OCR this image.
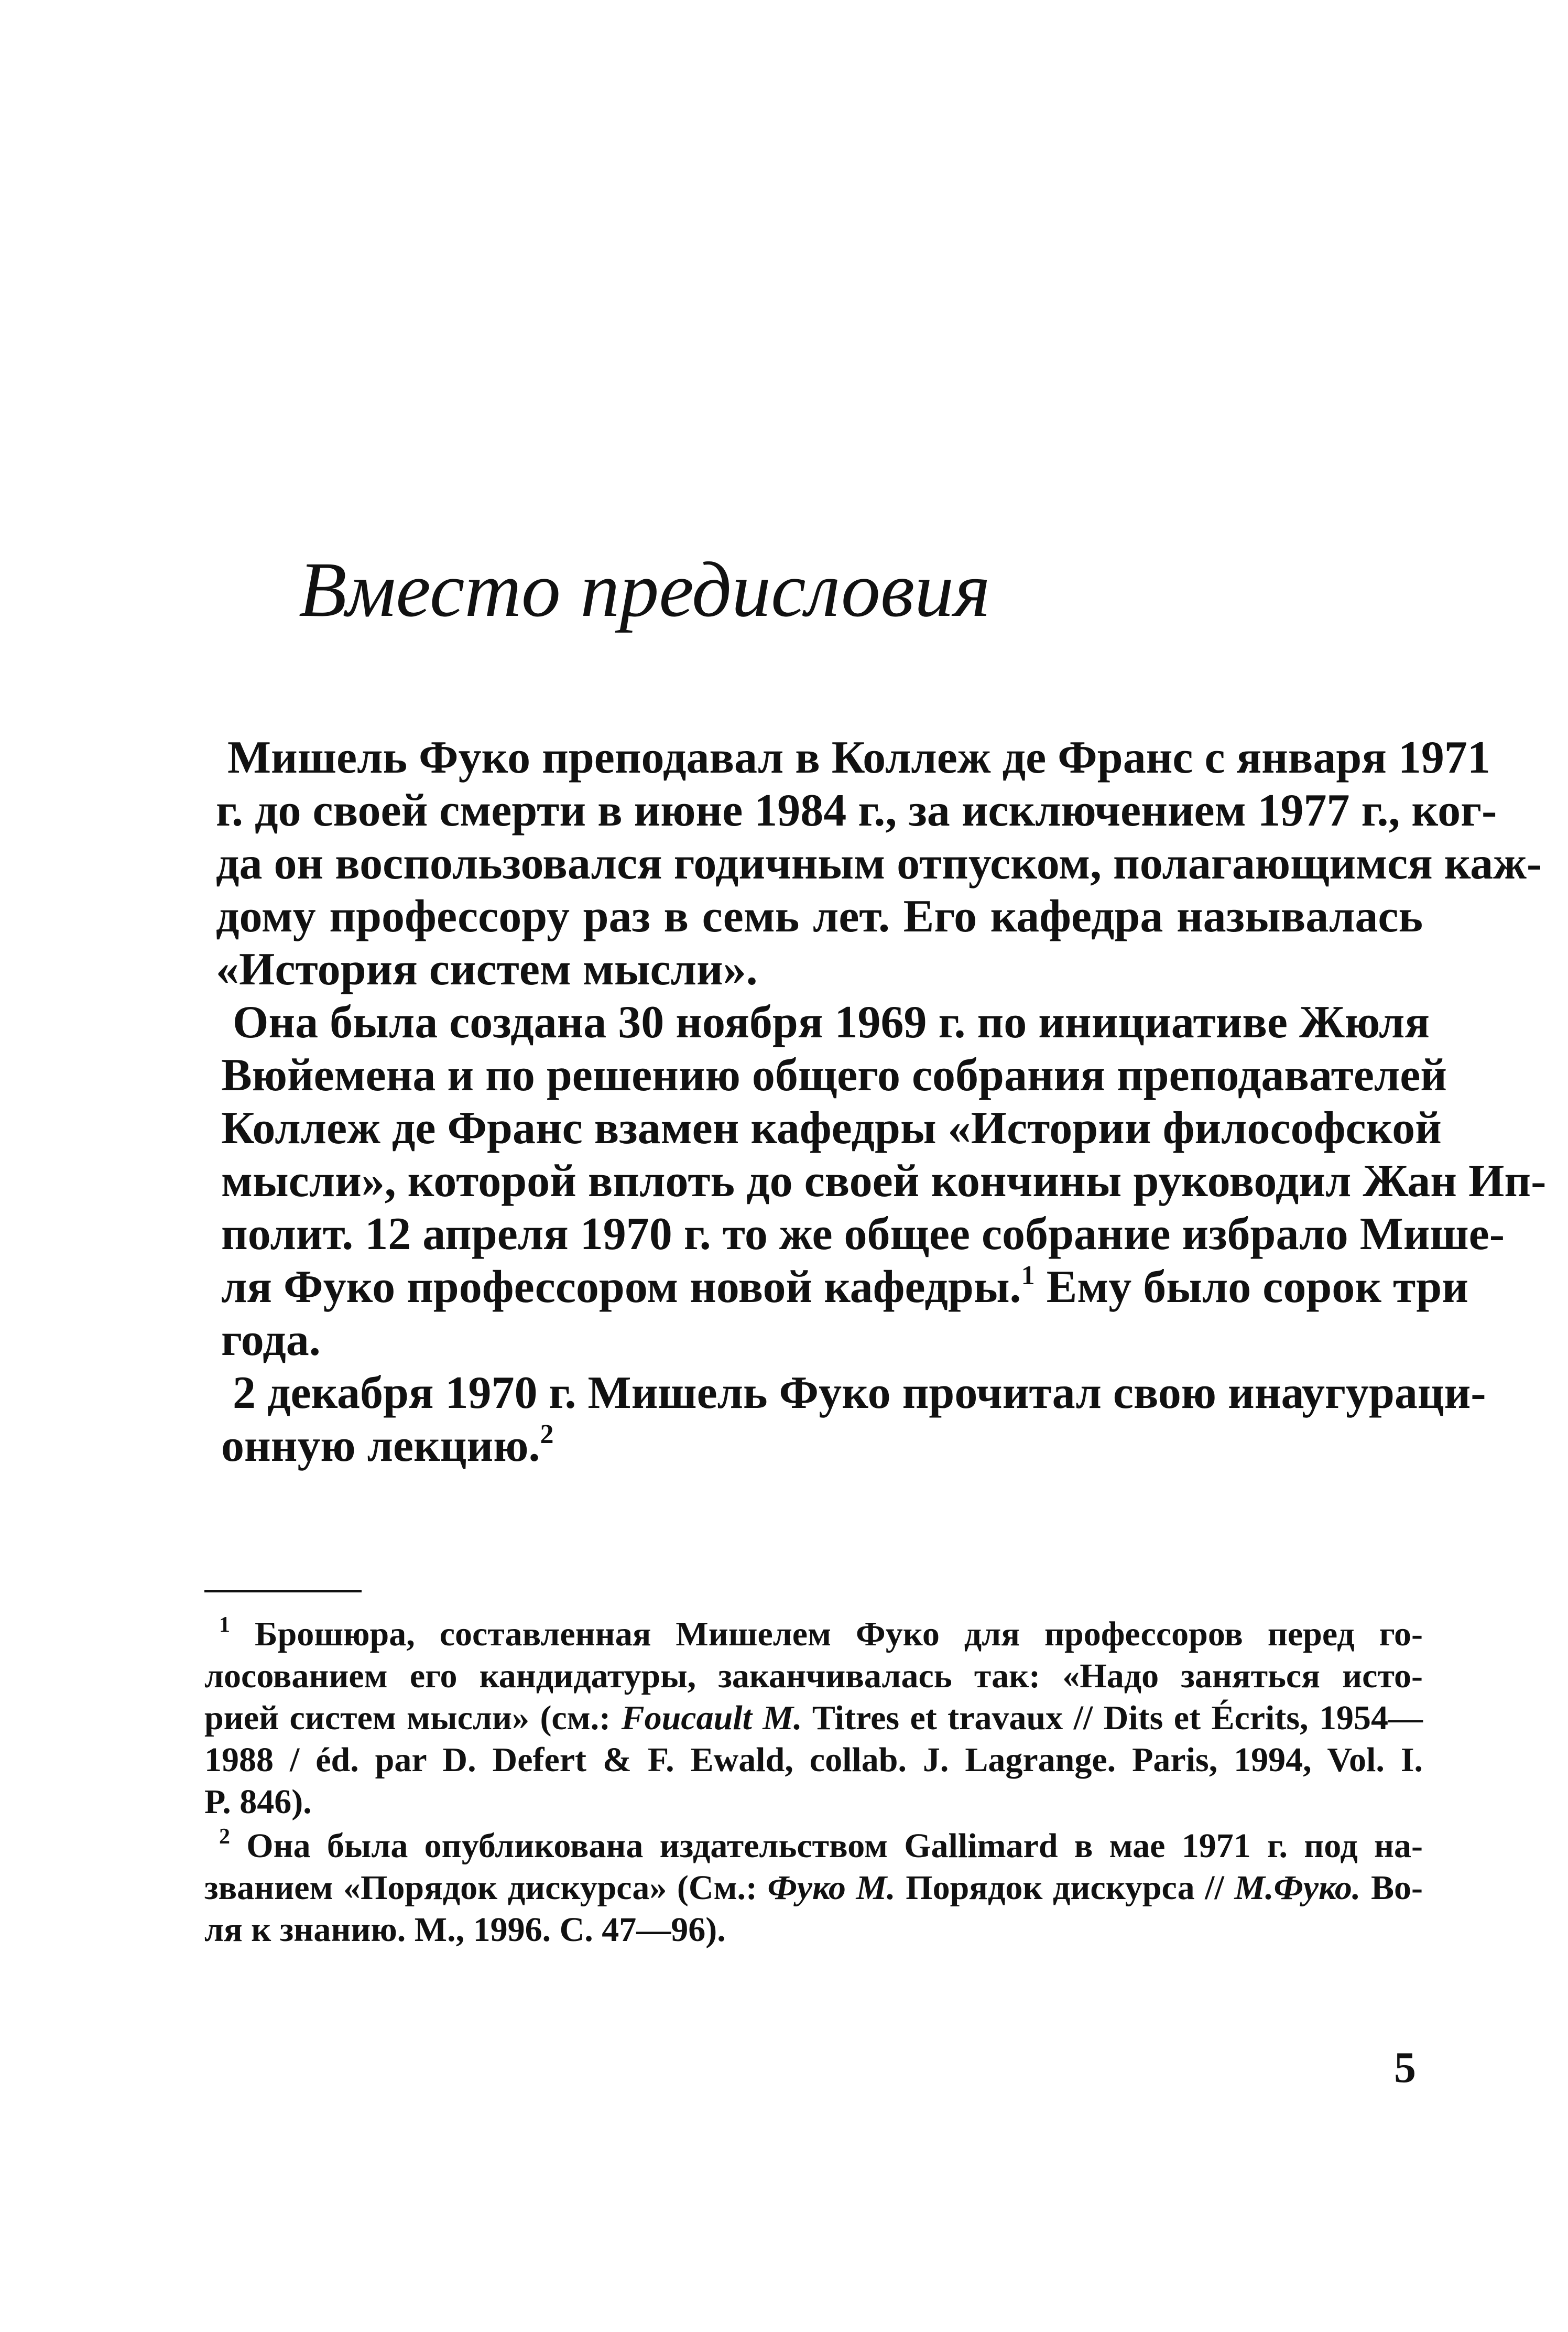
Вместо предисловия

Мишель Фуко преподавал в Коллеж де Франс с января 1971
г. до своей смерти в июне 1984 г., за исключением 1977 г., ког-
да он воспользовался годичным отпуском, полагающимся каж-
дому профессору раз в семь лет. Его кафедра называлась
«История систем мысли».

Она была создана 30 ноября 1969 г. по инициативе Жюля
Вюйемена и по решению общего собрания преподавателей
Коллеж де Франс взамен кафедры «Истории философской
мысли», которой вплоть до своей кончины руководил Жан Ип-
полит. 12 апреля 1970 г. то же общее собрание избрало Мише-
ля Фуко профессором новой кафедры.$^1$ Ему было сорок три
года.

2 декабря 1970 г. Мишель Фуко прочитал свою инаугураци-
онную лекцию.$^2$

$^1$ Брошюра, составленная Мишелем Фуко для профессоров перед го-
лосованием его кандидатуры, заканчивалась так: «Надо заняться исто-
рией систем мысли» (см.: Foucault M. Titres et travaux // Dits et Écrits, 1954—
1988 / éd. par D. Defert & F. Ewald, collab. J. Lagrange. Paris, 1994, Vol. I.
P. 846).
$^2$ Она была опубликована издательством Gallimard в мае 1971 г. под на-
званием «Порядок дискурса» (См.: Фуко М. Порядок дискурса // М.Фуко. Во-
ля к знанию. М., 1996. С. 47—96).
5
